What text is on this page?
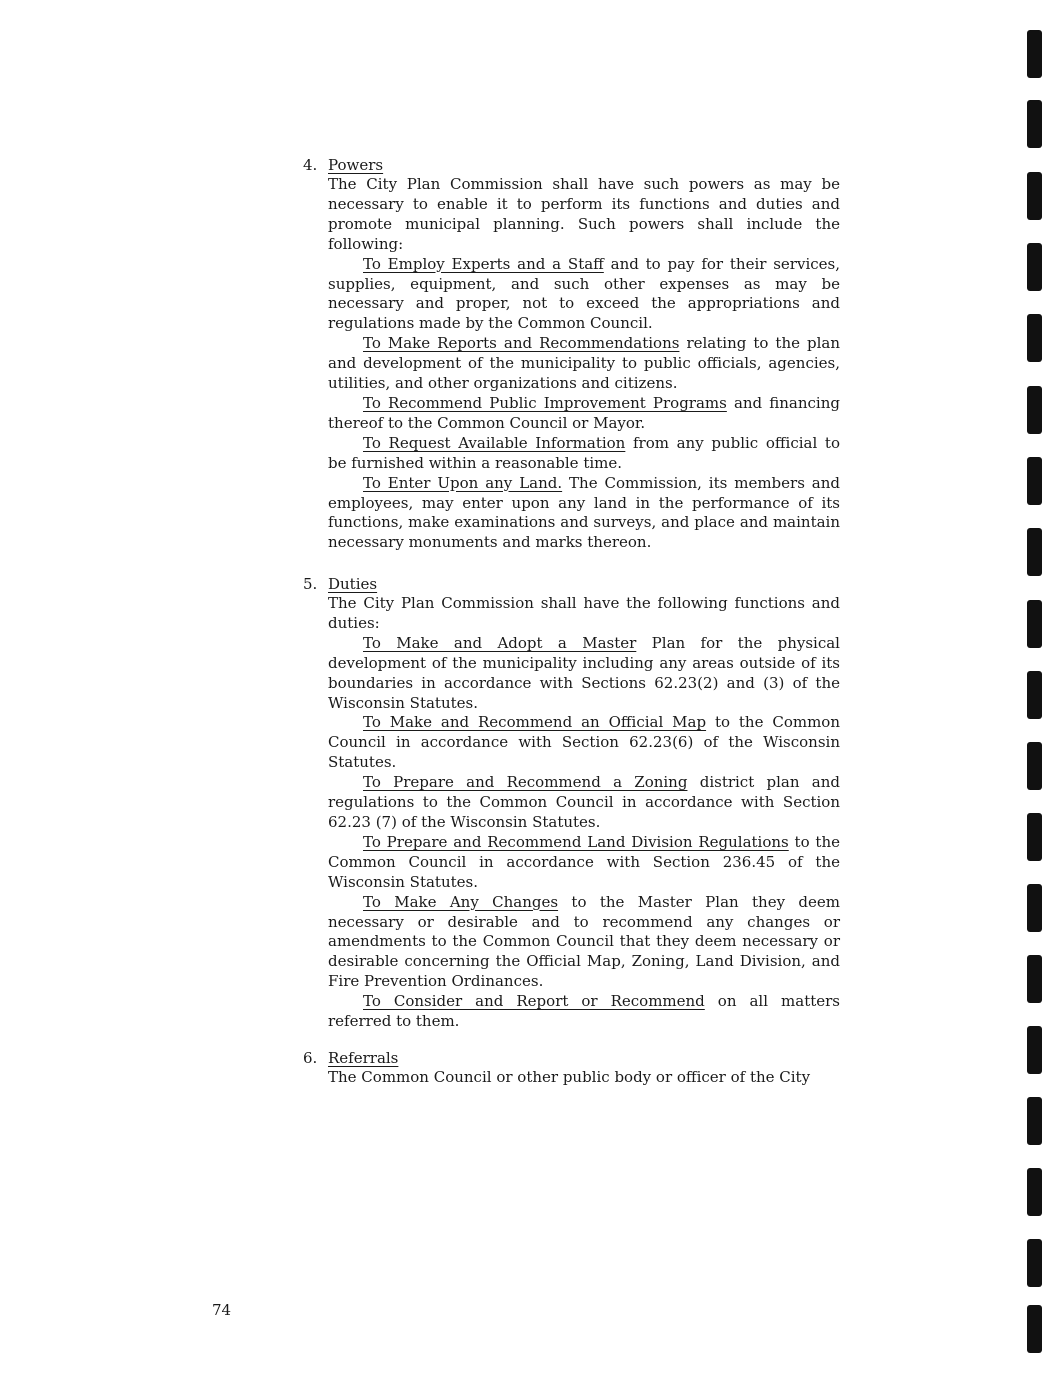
4. Powers

The City Plan Commission shall have such powers as may be necessary to enable it to perform its functions and duties and promote municipal planning. Such powers shall include the following:

To Employ Experts and a Staff and to pay for their services, supplies, equipment, and such other expenses as may be necessary and proper, not to exceed the appropriations and regulations made by the Common Council.

To Make Reports and Recommendations relating to the plan and development of the municipality to public officials, agencies, utilities, and other organizations and citizens.

To Recommend Public Improvement Programs and financing thereof to the Common Council or Mayor.

To Request Available Information from any public official to be furnished within a reasonable time.

To Enter Upon any Land. The Commission, its members and employees, may enter upon any land in the performance of its functions, make examinations and surveys, and place and maintain necessary monuments and marks thereon.

5. Duties

The City Plan Commission shall have the following functions and duties:

To Make and Adopt a Master Plan for the physical development of the municipality including any areas outside of its boundaries in accordance with Sections 62.23(2) and (3) of the Wisconsin Statutes.

To Make and Recommend an Official Map to the Common Council in accordance with Section 62.23(6) of the Wisconsin Statutes.

To Prepare and Recommend a Zoning district plan and regulations to the Common Council in accordance with Section 62.23 (7) of the Wisconsin Statutes.

To Prepare and Recommend Land Division Regulations to the Common Council in accordance with Section 236.45 of the Wisconsin Statutes.

To Make Any Changes to the Master Plan they deem necessary or desirable and to recommend any changes or amendments to the Common Council that they deem necessary or desirable concerning the Official Map, Zoning, Land Division, and Fire Prevention Ordinances.

To Consider and Report or Recommend on all matters referred to them.

6. Referrals

The Common Council or other public body or officer of the City

74
